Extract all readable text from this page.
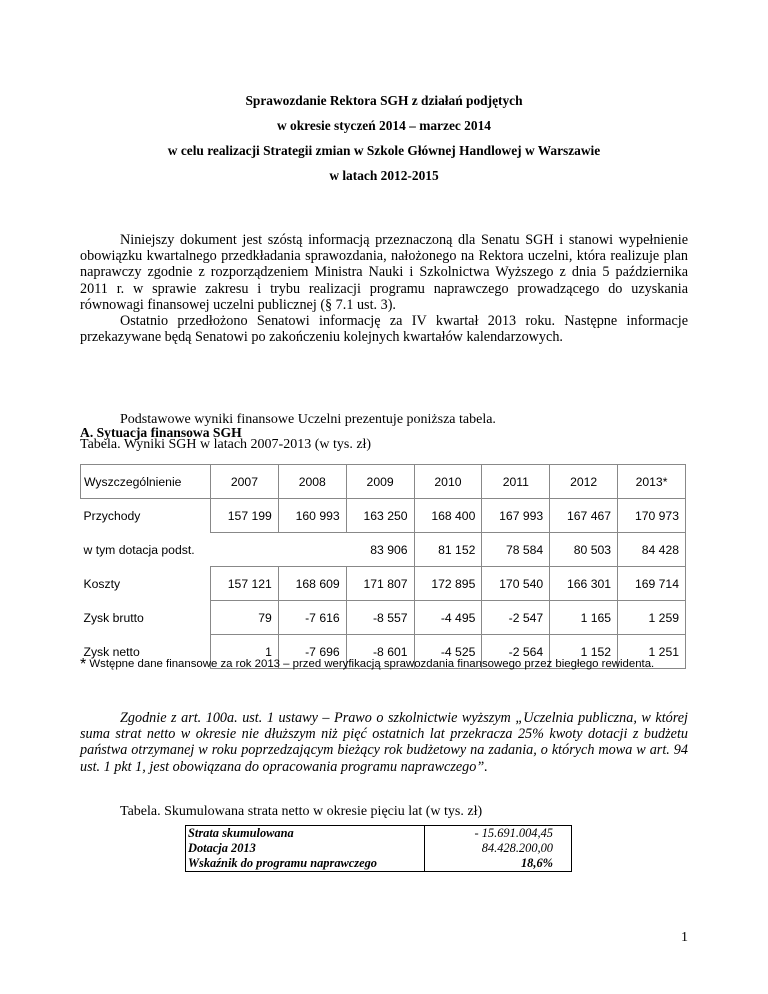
Sprawozdanie Rektora SGH z działań podjętych
w okresie styczeń 2014 – marzec 2014
w celu realizacji Strategii zmian w Szkole Głównej Handlowej w Warszawie
w latach 2012-2015
Niniejszy dokument jest szóstą informacją przeznaczoną dla Senatu SGH i stanowi wypełnienie obowiązku kwartalnego przedkładania sprawozdania, nałożonego na Rektora uczelni, która realizuje plan naprawczy zgodnie z rozporządzeniem Ministra Nauki i Szkolnictwa Wyższego z dnia 5 października 2011 r. w sprawie zakresu i trybu realizacji programu naprawczego prowadzącego do uzyskania równowagi finansowej uczelni publicznej (§ 7.1 ust. 3).
Ostatnio przedłożono Senatowi informację za IV kwartał 2013 roku. Następne informacje przekazywane będą Senatowi po zakończeniu kolejnych kwartałów kalendarzowych.
A. Sytuacja finansowa SGH
Podstawowe wyniki finansowe Uczelni prezentuje poniższa tabela.
Tabela. Wyniki SGH w latach 2007-2013 (w tys. zł)
Wyszczególnienie	2007	2008	2009	2010	2011	2012	2013*
Przychody	157 199	160 993	163 250	168 400	167 993	167 467	170 973
w tym dotacja podst.			83 906	81 152	78 584	80 503	84 428
Koszty	157 121	168 609	171 807	172 895	170 540	166 301	169 714
Zysk brutto	79	-7 616	-8 557	-4 495	-2 547	1 165	1 259
Zysk netto	1	-7 696	-8 601	-4 525	-2 564	1 152	1 251
* Wstępne dane finansowe za rok 2013 – przed weryfikacją sprawozdania finansowego przez biegłego rewidenta.
Zgodnie z art. 100a. ust. 1 ustawy – Prawo o szkolnictwie wyższym „Uczelnia publiczna, w której suma strat netto w okresie nie dłuższym niż pięć ostatnich lat przekracza 25% kwoty dotacji z budżetu państwa otrzymanej w roku poprzedzającym bieżący rok budżetowy na zadania, o których mowa w art. 94 ust. 1 pkt 1, jest obowiązana do opracowania programu naprawczego”.
Tabela. Skumulowana strata netto w okresie pięciu lat (w tys. zł)
Strata skumulowana	- 15.691.004,45
Dotacja 2013	84.428.200,00
Wskaźnik do programu naprawczego	18,6%
1
